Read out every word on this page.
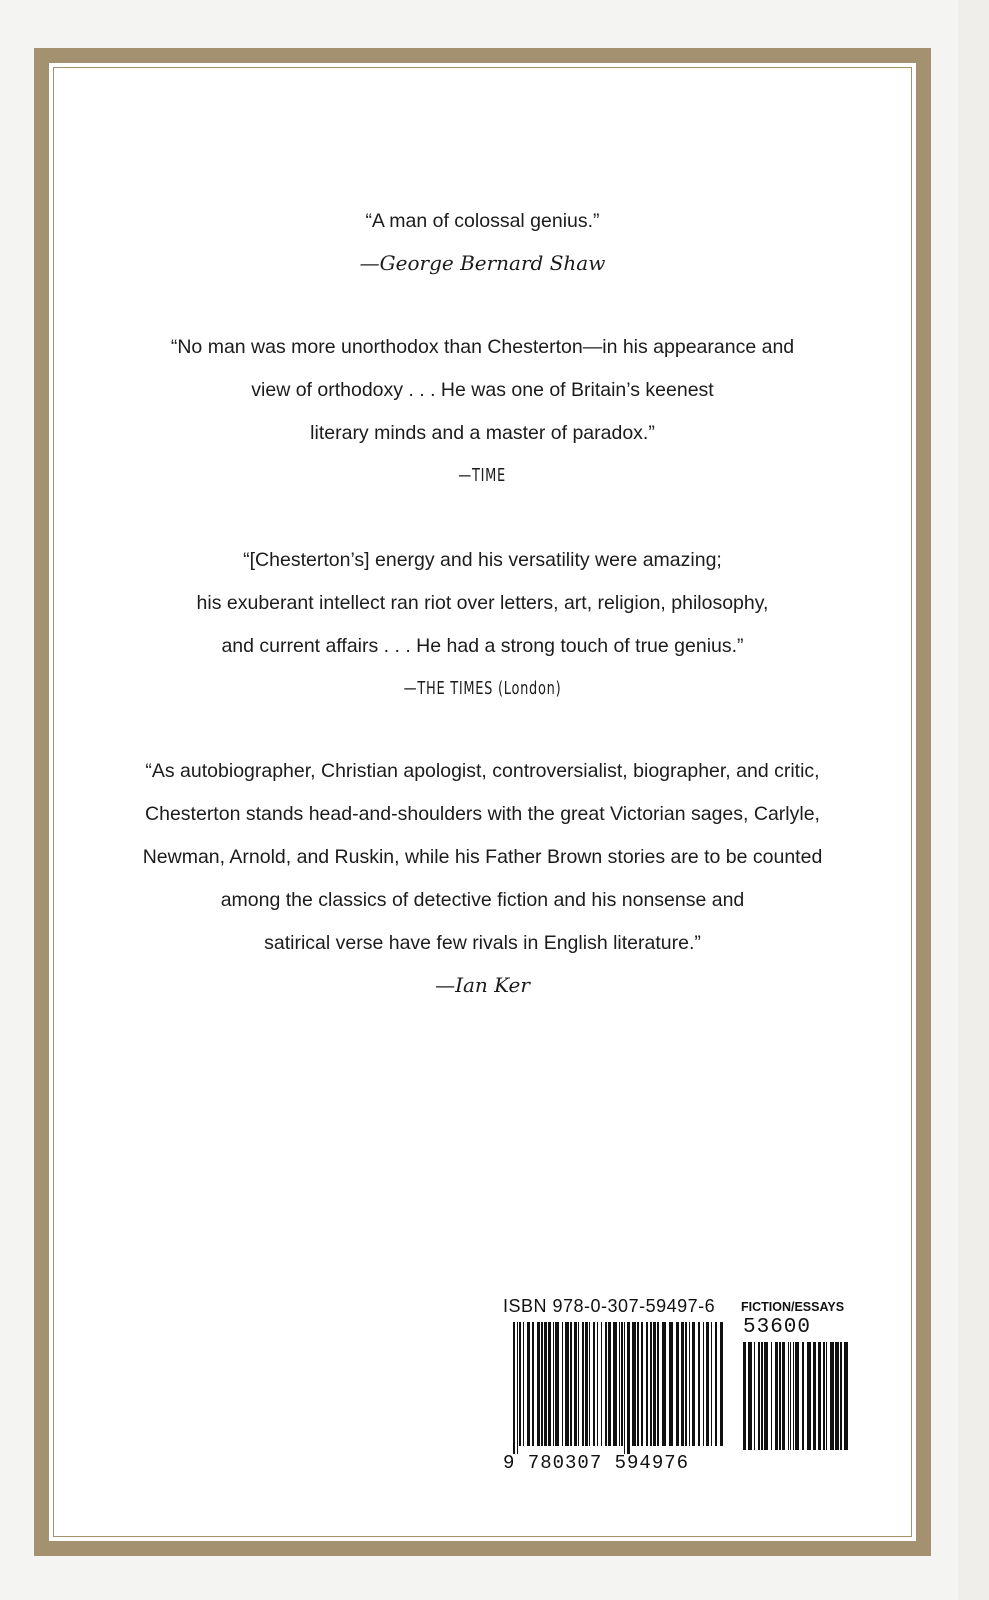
“A man of colossal genius.”

—George Bernard Shaw

“No man was more unorthodox than Chesterton—in his appearance and

view of orthodoxy . . . He was one of Britain’s keenest

literary minds and a master of paradox.”

—TIME

“[Chesterton’s] energy and his versatility were amazing;

his exuberant intellect ran riot over letters, art, religion, philosophy,

and current affairs . . . He had a strong touch of true genius.”

—THE TIMES (London)

“As autobiographer, Christian apologist, controversialist, biographer, and critic,

Chesterton stands head-and-shoulders with the great Victorian sages, Carlyle,

Newman, Arnold, and Ruskin, while his Father Brown stories are to be counted

among the classics of detective fiction and his nonsense and

satirical verse have few rivals in English literature.”

—Ian Ker

ISBN 978-0-307-59497-6 FICTION/ESSAYS
53600
9 780307 594976
